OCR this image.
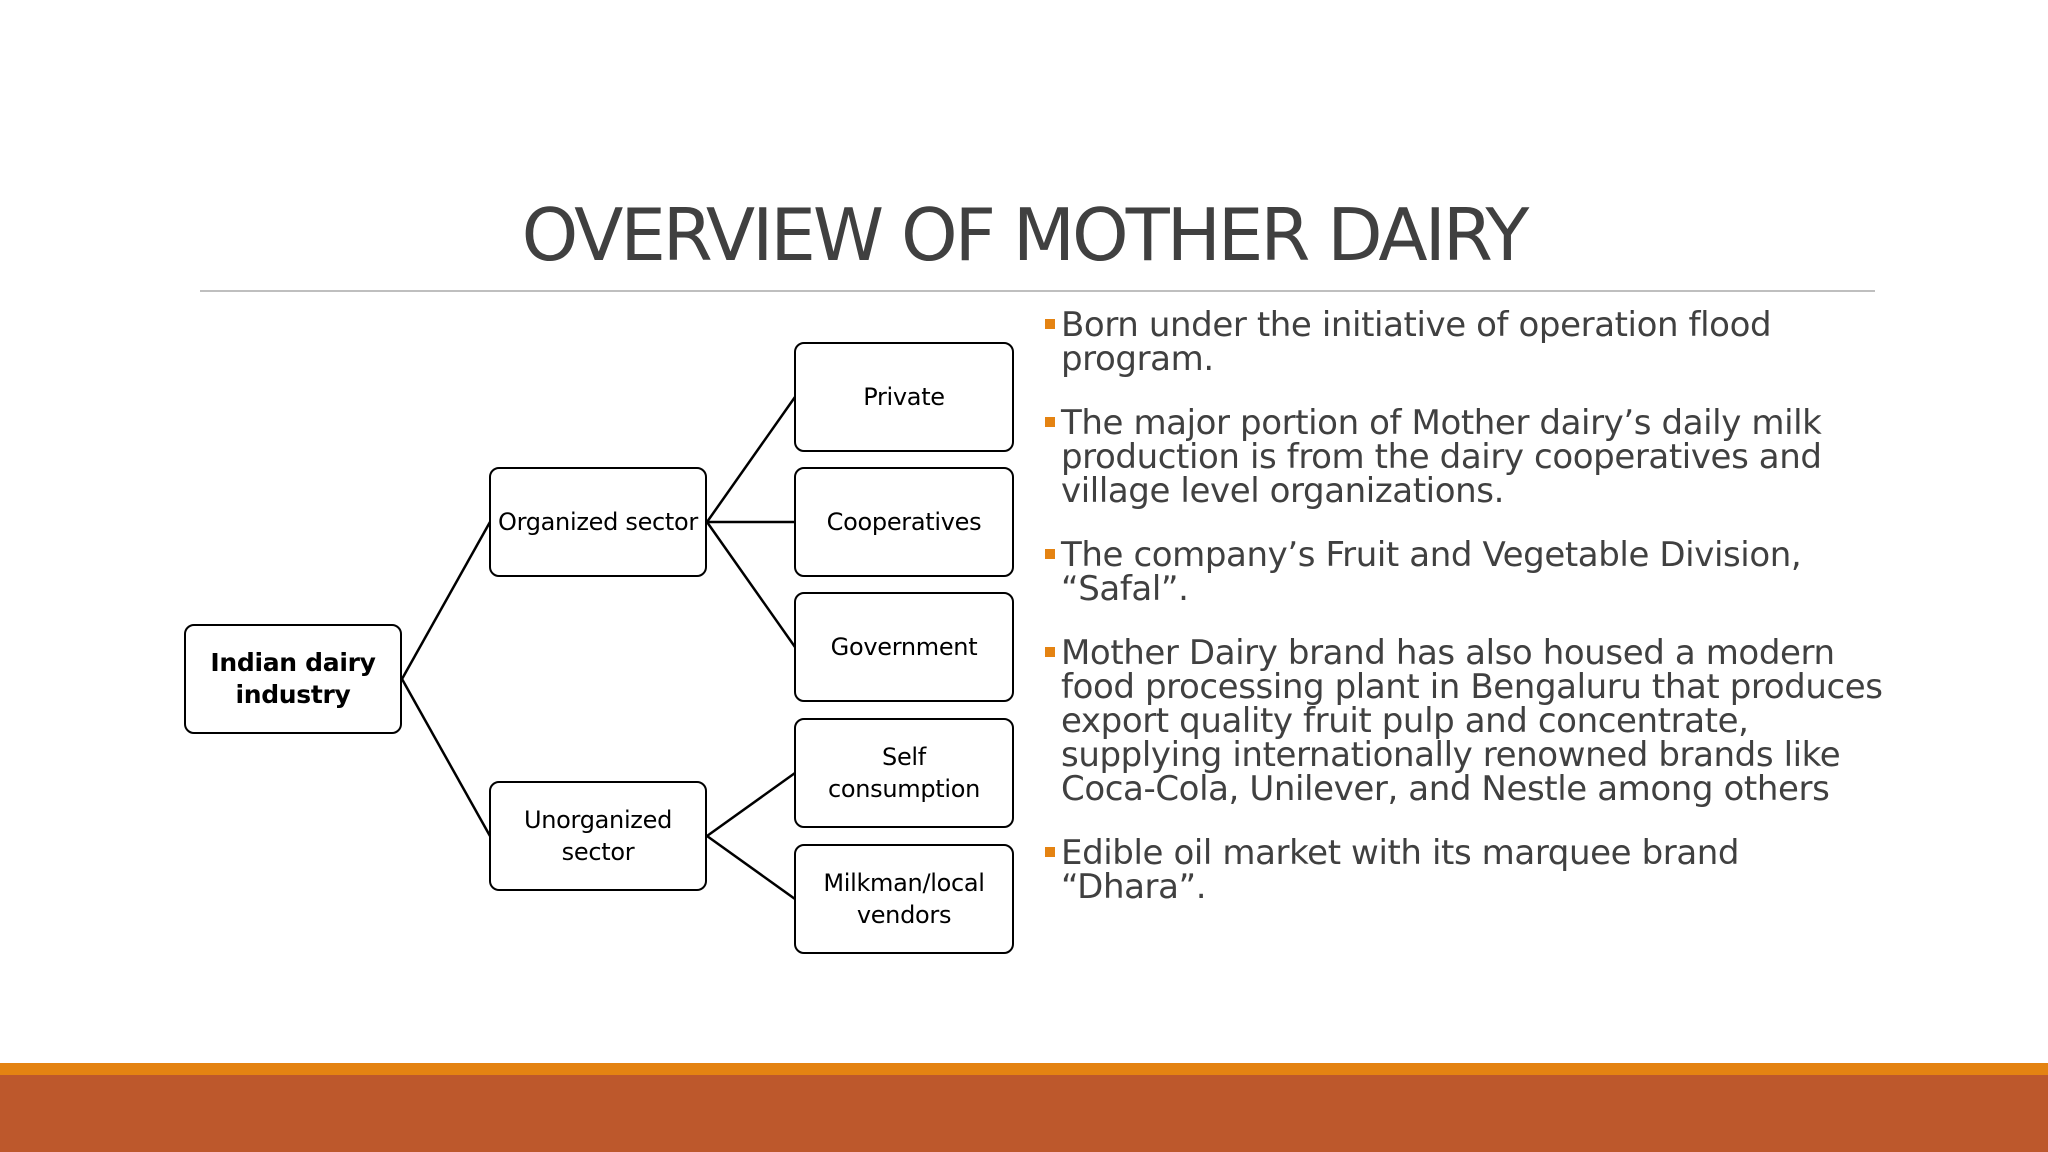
OVERVIEW OF MOTHER DAIRY
Indian dairy industry
Organized sector
Unorganized sector
Private
Cooperatives
Government
Self consumption
Milkman/local vendors
Born under the initiative of operation flood program.
The major portion of Mother dairy’s daily milk production is from the dairy cooperatives and village level organizations.
The company’s Fruit and Vegetable Division, “Safal”.
Mother Dairy brand has also housed a modern food processing plant in Bengaluru that produces export quality fruit pulp and concentrate, supplying internationally renowned brands like Coca-Cola, Unilever, and Nestle among others
Edible oil market with its marquee brand “Dhara”.
